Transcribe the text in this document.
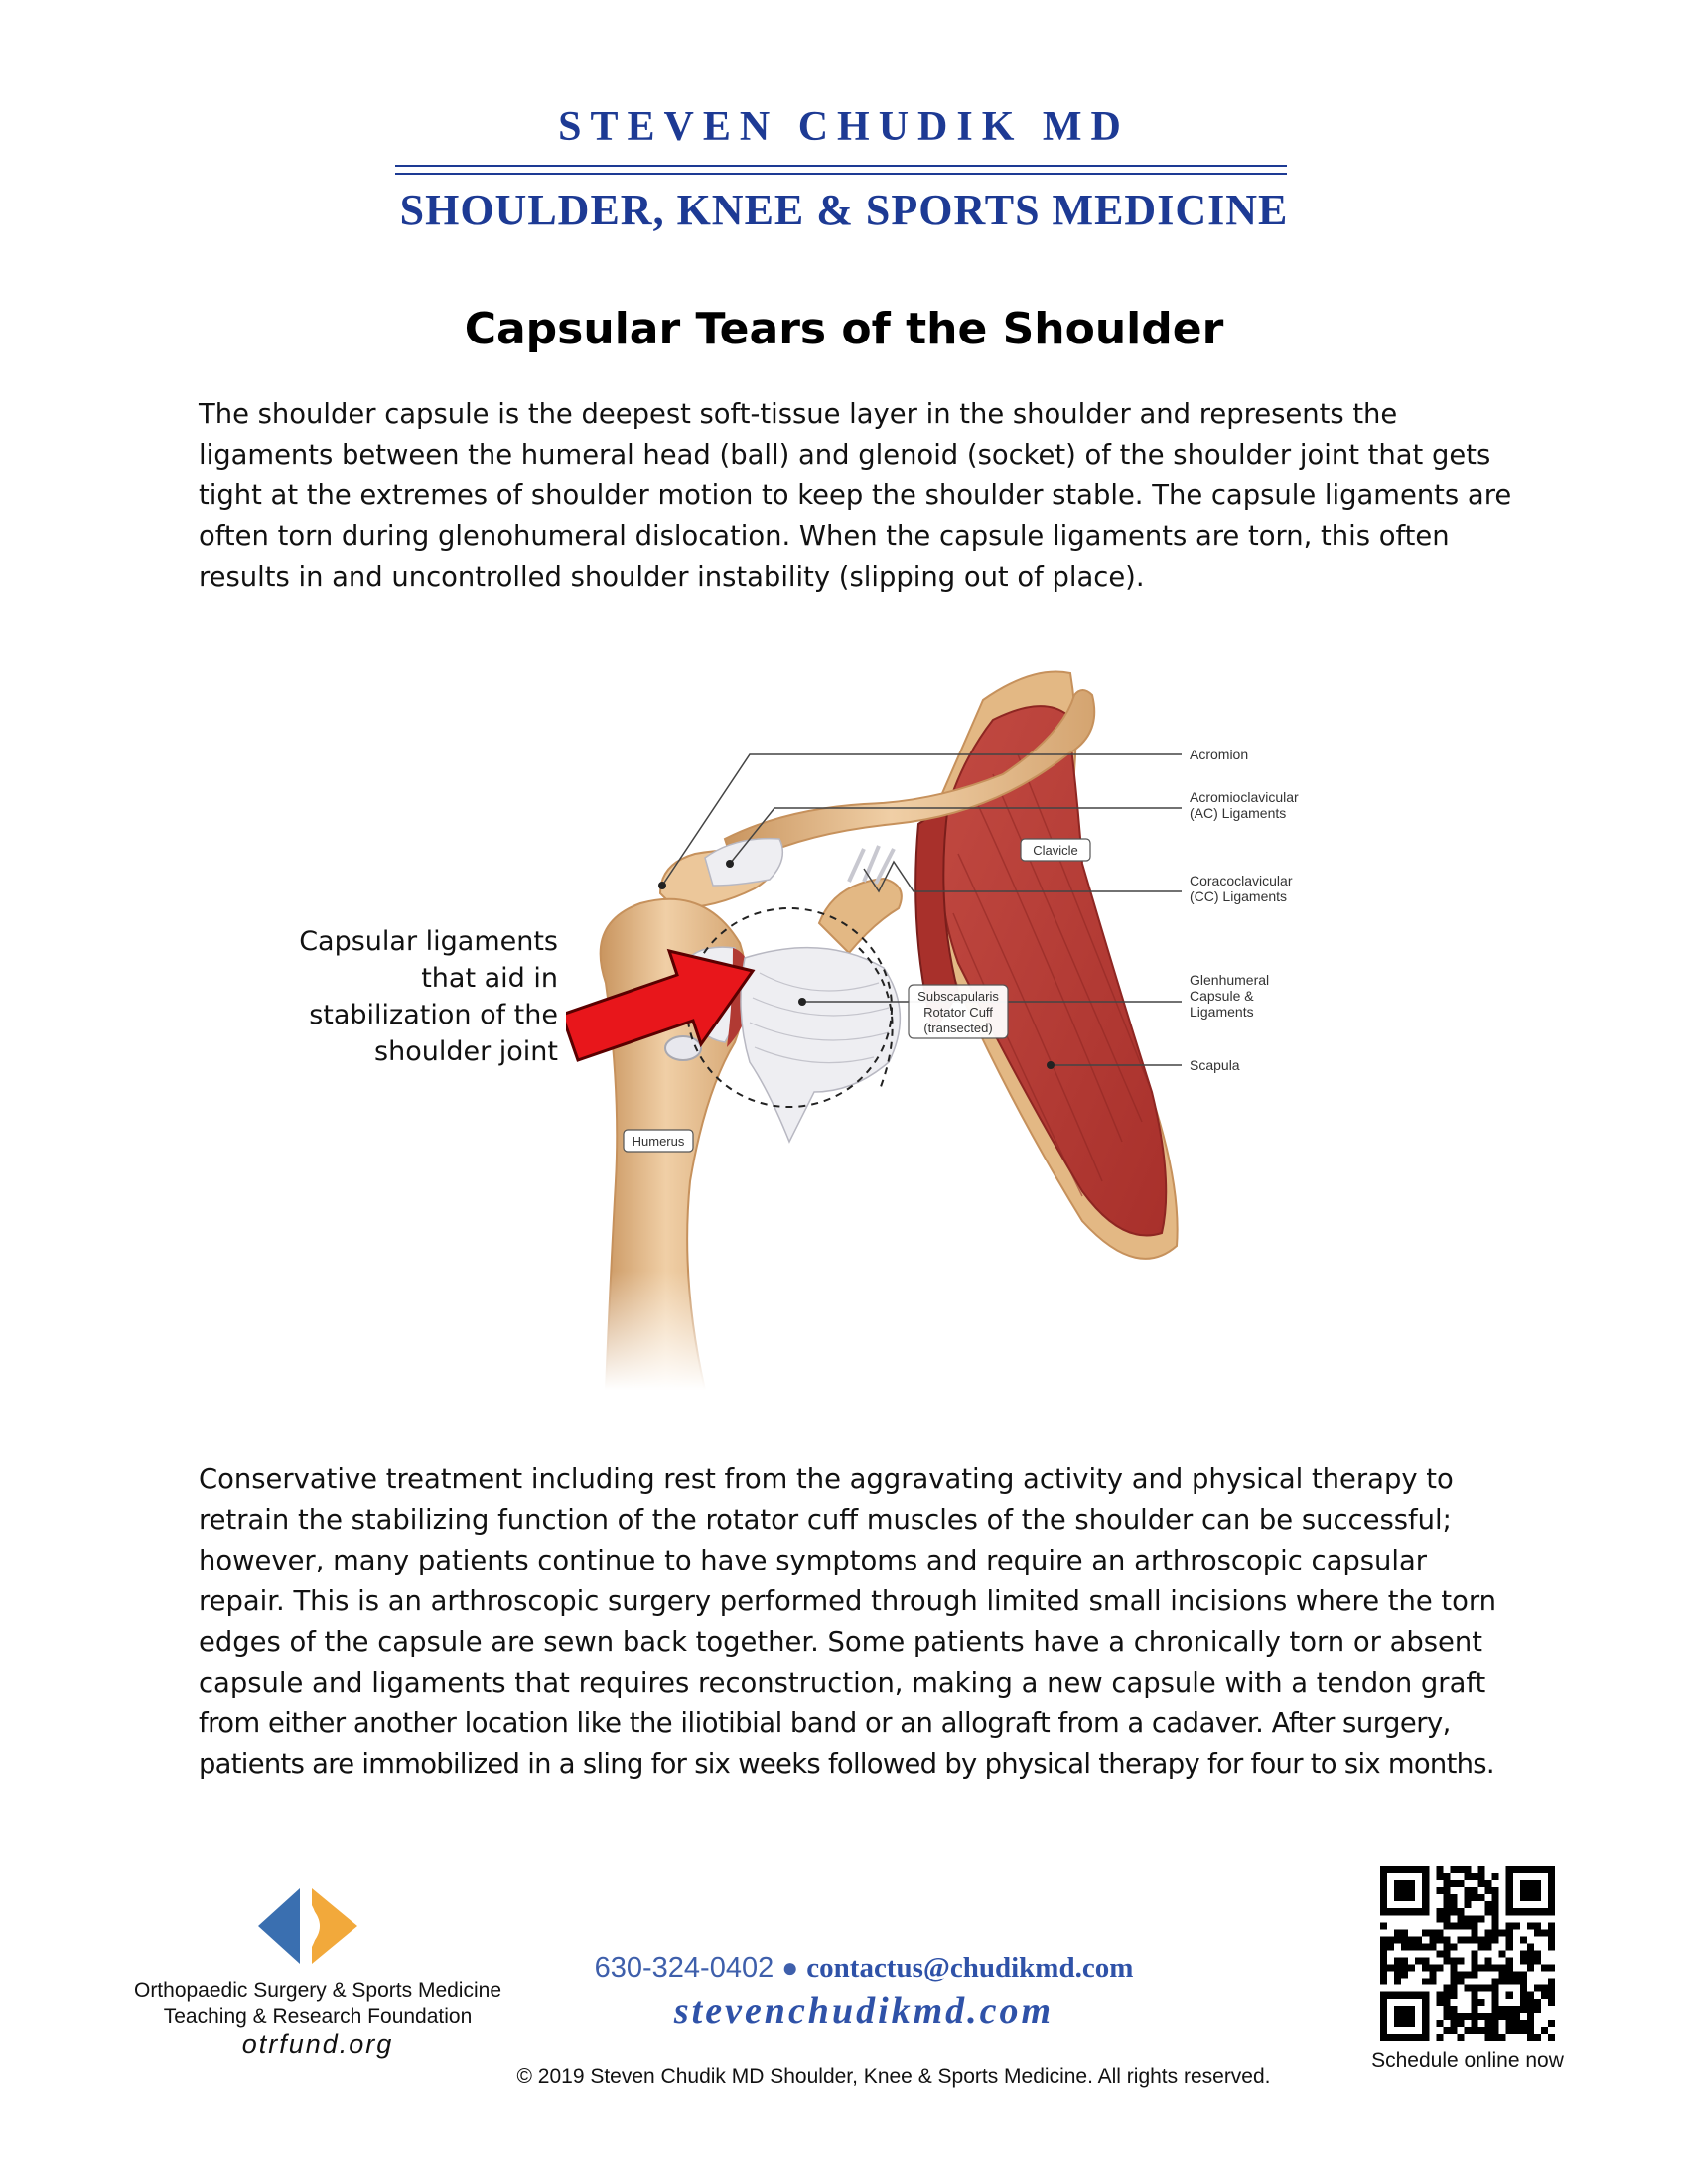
STEVEN CHUDIK MD
SHOULDER, KNEE & SPORTS MEDICINE
Capsular Tears of the Shoulder
The shoulder capsule is the deepest soft-tissue layer in the shoulder and represents the
ligaments between the humeral head (ball) and glenoid (socket) of the shoulder joint that gets
tight at the extremes of shoulder motion to keep the shoulder stable. The capsule ligaments are
often torn during glenohumeral dislocation. When the capsule ligaments are torn, this often
results in and uncontrolled shoulder instability (slipping out of place).
Capsular ligaments
that aid in
stabilization of the
shoulder joint
Acromion
Acromioclavicular
(AC) Ligaments
Coracoclavicular
(CC) Ligaments
Glenhumeral
Capsule &
Ligaments
Scapula
Clavicle
Humerus
Subscapularis
Rotator Cuff
(transected)
Conservative treatment including rest from the aggravating activity and physical therapy to
retrain the stabilizing function of the rotator cuff muscles of the shoulder can be successful;
however, many patients continue to have symptoms and require an arthroscopic capsular
repair. This is an arthroscopic surgery performed through limited small incisions where the torn
edges of the capsule are sewn back together. Some patients have a chronically torn or absent
capsule and ligaments that requires reconstruction, making a new capsule with a tendon graft
from either another location like the iliotibial band or an allograft from a cadaver. After surgery,
patients are immobilized in a sling for six weeks followed by physical therapy for four to six months.
Orthopaedic Surgery & Sports Medicine
Teaching & Research Foundation
otrfund.org
630-324-0402 ● contactus@chudikmd.com
stevenchudikmd.com
© 2019 Steven Chudik MD Shoulder, Knee & Sports Medicine. All rights reserved.
Schedule online now
